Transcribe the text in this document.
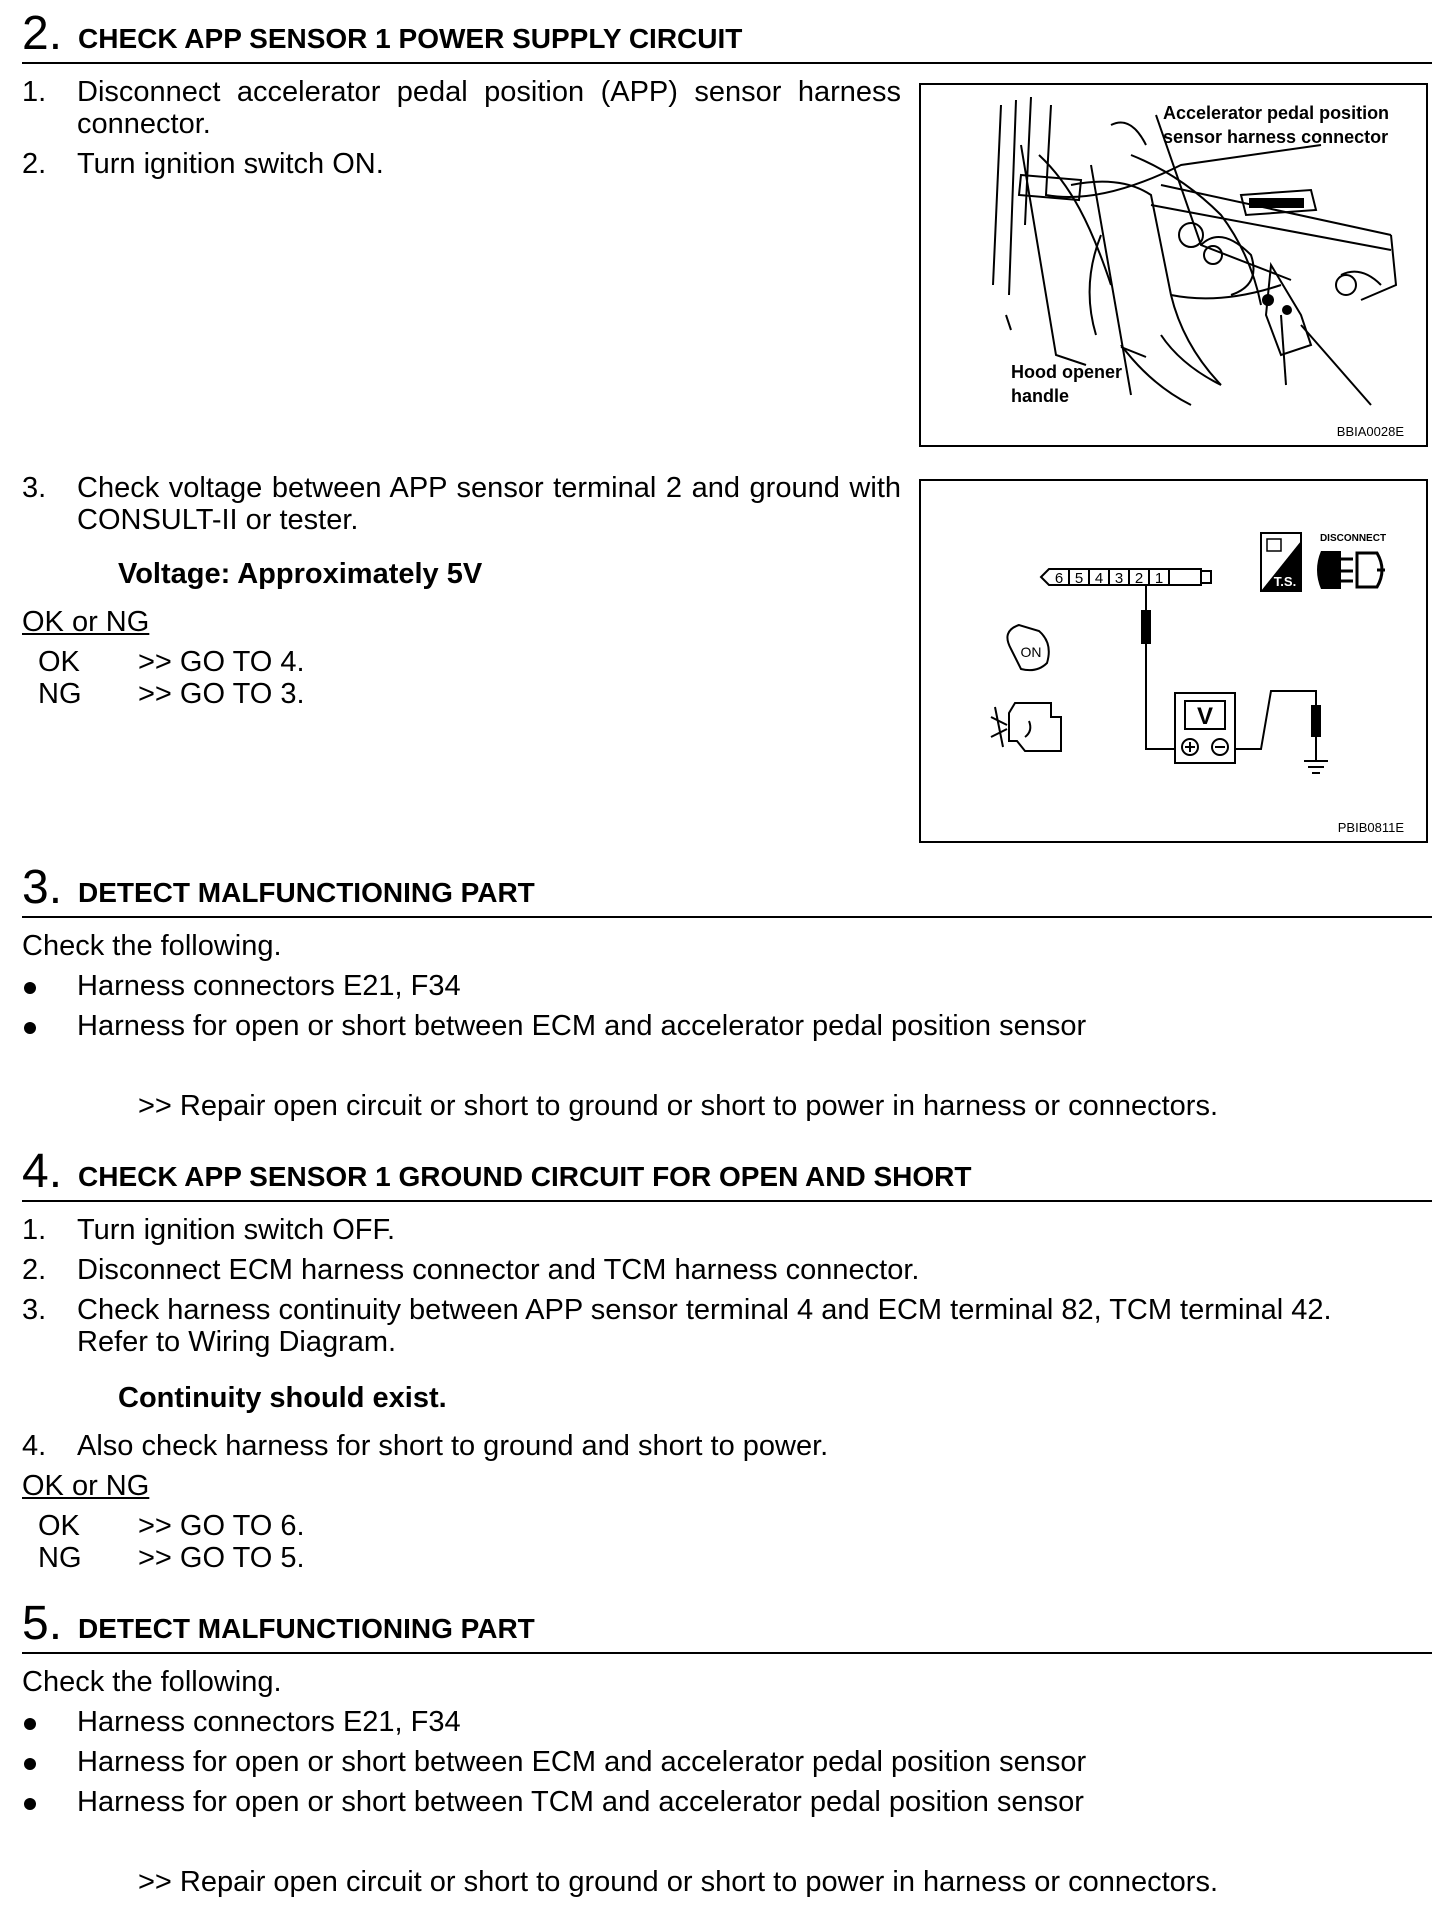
2. CHECK APP SENSOR 1 POWER SUPPLY CIRCUIT
1. Disconnect accelerator pedal position (APP) sensor harness
connector.
2. Turn ignition switch ON.
Accelerator pedal position
sensor harness connector
Hood opener
handle
BBIA0028E
3. Check voltage between APP sensor terminal 2 and ground with
CONSULT-II or tester.
Voltage: Approximately 5V
OK or NG
OK >> GO TO 4.
NG >> GO TO 3.
6 5 4 3 2 1
V
ON
T.S.
DISCONNECT
PBIB0811E
3. DETECT MALFUNCTIONING PART
Check the following.
Harness connectors E21, F34
Harness for open or short between ECM and accelerator pedal position sensor
>> Repair open circuit or short to ground or short to power in harness or connectors.
4. CHECK APP SENSOR 1 GROUND CIRCUIT FOR OPEN AND SHORT
1. Turn ignition switch OFF.
2. Disconnect ECM harness connector and TCM harness connector.
3. Check harness continuity between APP sensor terminal 4 and ECM terminal 82, TCM terminal 42.
Refer to Wiring Diagram.
Continuity should exist.
4. Also check harness for short to ground and short to power.
OK or NG
OK >> GO TO 6.
NG >> GO TO 5.
5. DETECT MALFUNCTIONING PART
Check the following.
Harness connectors E21, F34
Harness for open or short between ECM and accelerator pedal position sensor
Harness for open or short between TCM and accelerator pedal position sensor
>> Repair open circuit or short to ground or short to power in harness or connectors.
